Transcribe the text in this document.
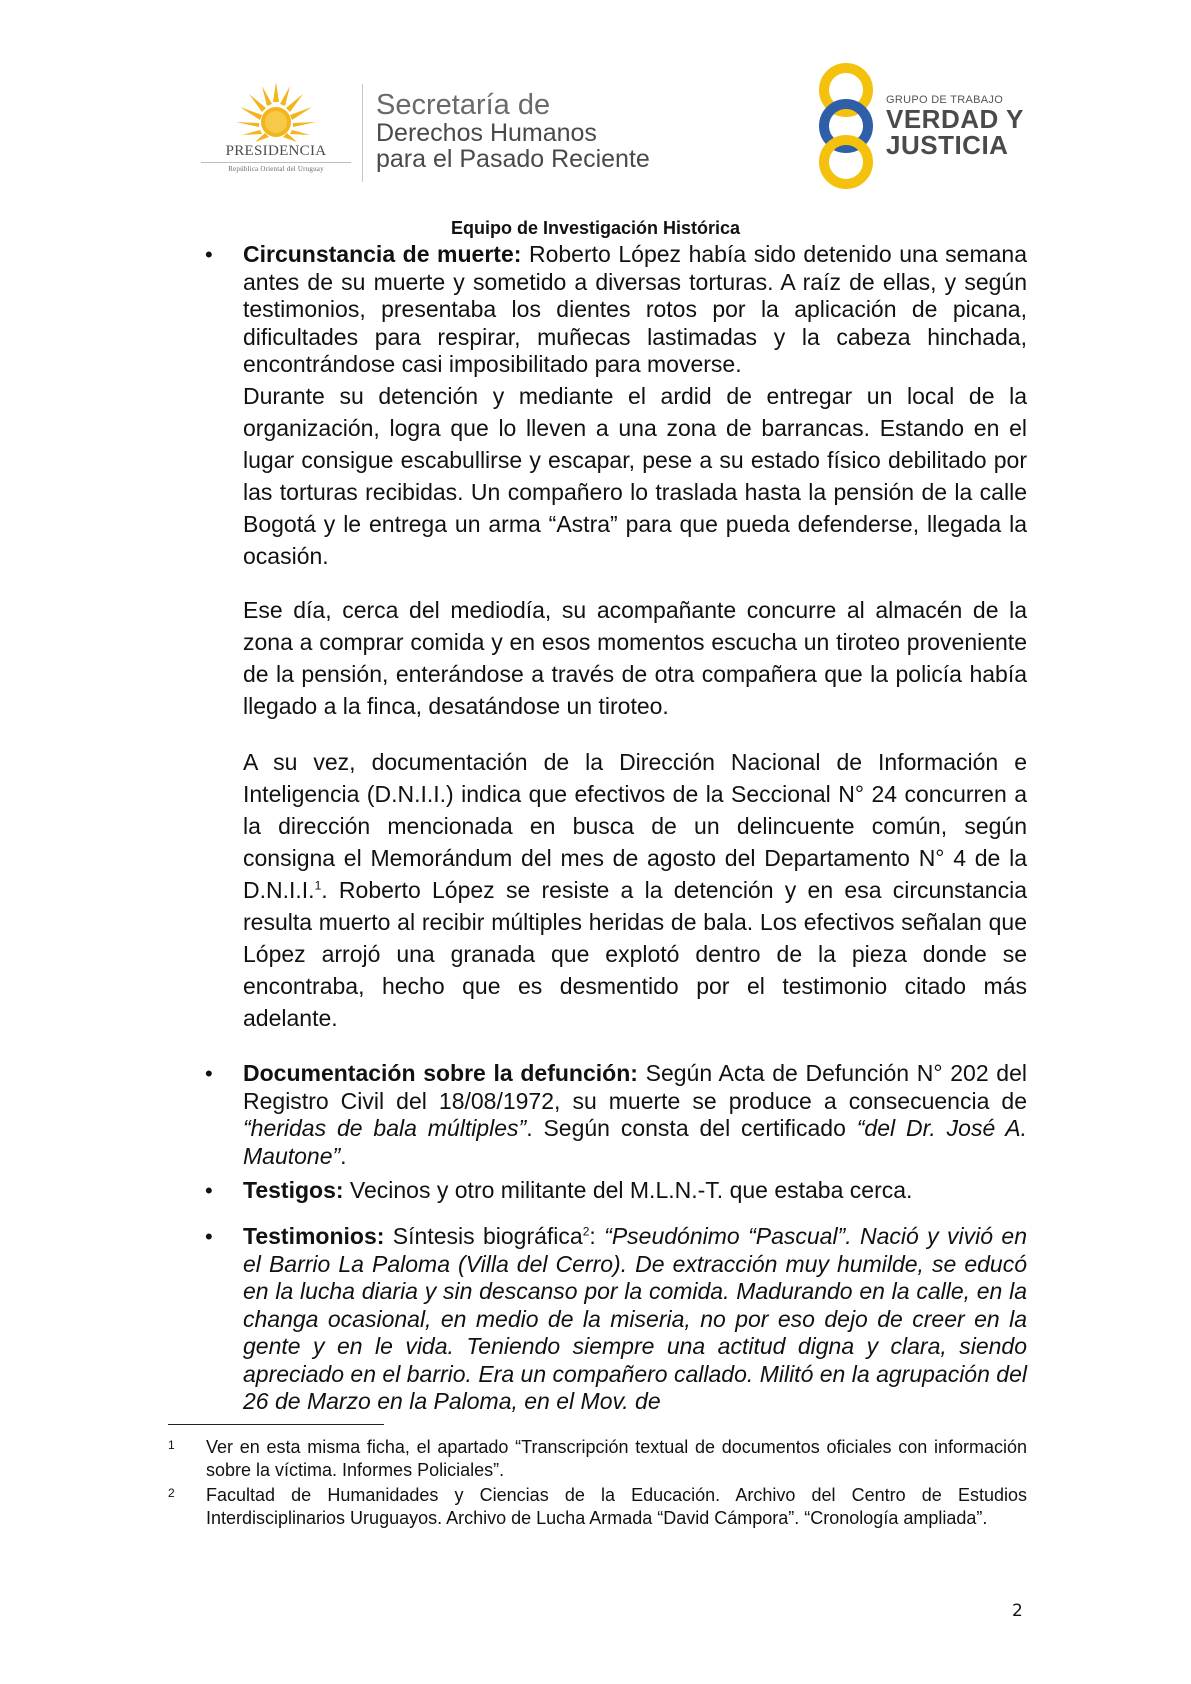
PRESIDENCIA
República Oriental del Uruguay
Secretaría de
Derechos Humanos
para el Pasado Reciente
GRUPO DE TRABAJO
VERDAD Y
JUSTICIA
Equipo de Investigación Histórica
• Circunstancia de muerte: Roberto López había sido detenido una semana antes de su muerte y sometido a diversas torturas. A raíz de ellas, y según testimonios, presentaba los dientes rotos por la aplicación de picana, dificultades para respirar, muñecas lastimadas y la cabeza hinchada, encontrándose casi imposibilitado para moverse.
Durante su detención y mediante el ardid de entregar un local de la organización, logra que lo lleven a una zona de barrancas. Estando en el lugar consigue escabullirse y escapar, pese a su estado físico debilitado por las torturas recibidas. Un compañero lo traslada hasta la pensión de la calle Bogotá y le entrega un arma “Astra” para que pueda defenderse, llegada la ocasión.
Ese día, cerca del mediodía, su acompañante concurre al almacén de la zona a comprar comida y en esos momentos escucha un tiroteo proveniente de la pensión, enterándose a través de otra compañera que la policía había llegado a la finca, desatándose un tiroteo.
A su vez, documentación de la Dirección Nacional de Información e Inteligencia (D.N.I.I.) indica que efectivos de la Seccional N° 24 concurren a la dirección mencionada en busca de un delincuente común, según consigna el Memorándum del mes de agosto del Departamento N° 4 de la D.N.I.I.$^1$. Roberto López se resiste a la detención y en esa circunstancia resulta muerto al recibir múltiples heridas de bala. Los efectivos señalan que López arrojó una granada que explotó dentro de la pieza donde se encontraba, hecho que es desmentido por el testimonio citado más adelante.
• Documentación sobre la defunción: Según Acta de Defunción N° 202 del Registro Civil del 18/08/1972, su muerte se produce a consecuencia de “heridas de bala múltiples”. Según consta del certificado “del Dr. José A. Mautone”.
• Testigos: Vecinos y otro militante del M.L.N.-T. que estaba cerca.
• Testimonios: Síntesis biográfica$^2$: “Pseudónimo “Pascual”. Nació y vivió en el Barrio La Paloma (Villa del Cerro). De extracción muy humilde, se educó en la lucha diaria y sin descanso por la comida. Madurando en la calle, en la changa ocasional, en medio de la miseria, no por eso dejo de creer en la gente y en le vida. Teniendo siempre una actitud digna y clara, siendo apreciado en el barrio. Era un compañero callado. Militó en la agrupación del 26 de Marzo en la Paloma, en el Mov. de
1 Ver en esta misma ficha, el apartado “Transcripción textual de documentos oficiales con información sobre la víctima. Informes Policiales”.
2 Facultad de Humanidades y Ciencias de la Educación. Archivo del Centro de Estudios Interdisciplinarios Uruguayos. Archivo de Lucha Armada “David Cámpora”. “Cronología ampliada”.
2
